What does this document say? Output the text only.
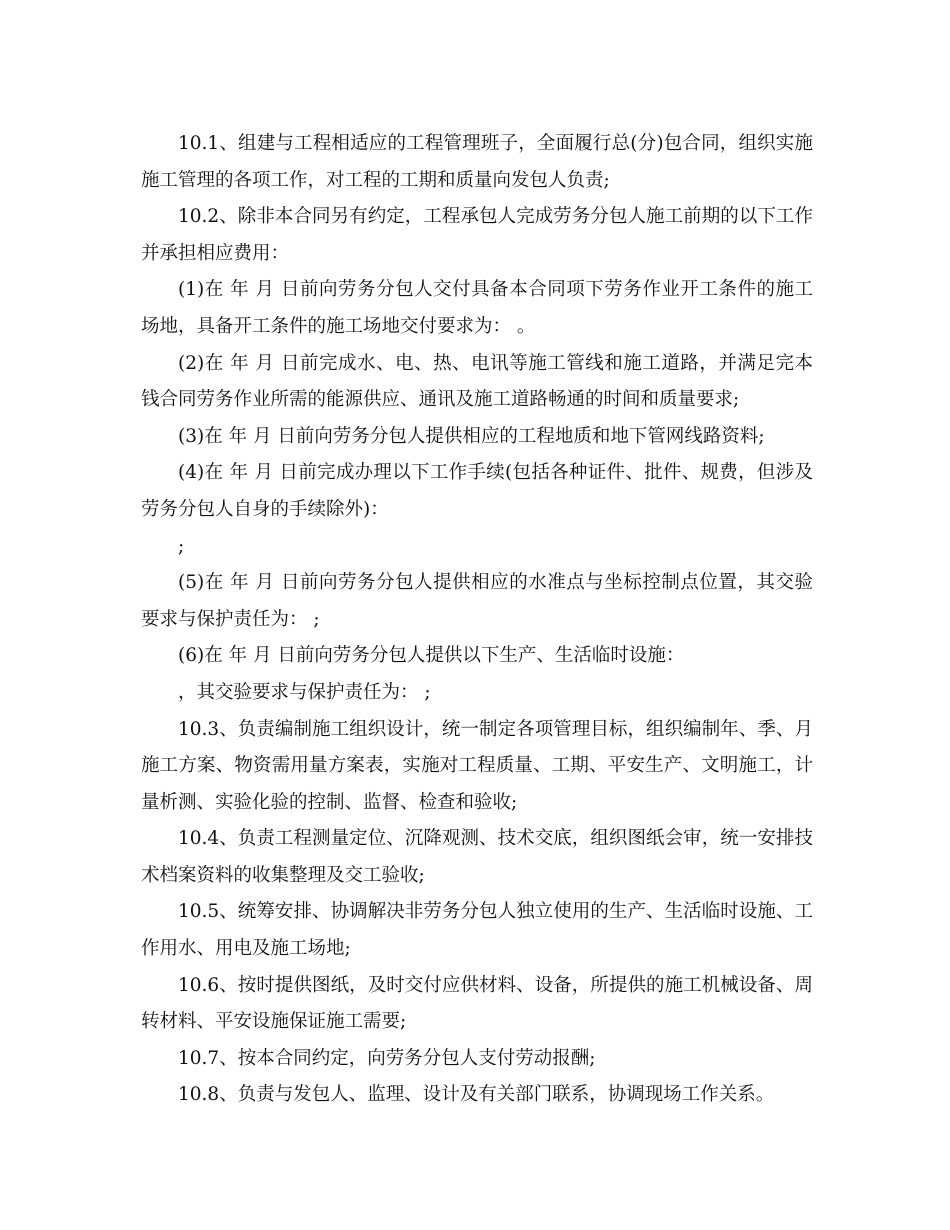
10.1、组建与工程相适应的工程管理班子，全面履行总(分)包合同，组织实施施工管理的各项工作，对工程的工期和质量向发包人负责;

10.2、除非本合同另有约定，工程承包人完成劳务分包人施工前期的以下工作并承担相应费用：

(1)在 年 月 日前向劳务分包人交付具备本合同项下劳务作业开工条件的施工场地，具备开工条件的施工场地交付要求为： 。

(2)在 年 月 日前完成水、电、热、电讯等施工管线和施工道路，并满足完本钱合同劳务作业所需的能源供应、通讯及施工道路畅通的时间和质量要求;

(3)在 年 月 日前向劳务分包人提供相应的工程地质和地下管网线路资料;

(4)在 年 月 日前完成办理以下工作手续(包括各种证件、批件、规费，但涉及劳务分包人自身的手续除外)：

;

(5)在 年 月 日前向劳务分包人提供相应的水准点与坐标控制点位置，其交验要求与保护责任为： ;

(6)在 年 月 日前向劳务分包人提供以下生产、生活临时设施：

，其交验要求与保护责任为： ;

10.3、负责编制施工组织设计，统一制定各项管理目标，组织编制年、季、月施工方案、物资需用量方案表，实施对工程质量、工期、平安生产、文明施工，计量析测、实验化验的控制、监督、检查和验收;

10.4、负责工程测量定位、沉降观测、技术交底，组织图纸会审，统一安排技术档案资料的收集整理及交工验收;

10.5、统筹安排、协调解决非劳务分包人独立使用的生产、生活临时设施、工作用水、用电及施工场地;

10.6、按时提供图纸，及时交付应供材料、设备，所提供的施工机械设备、周转材料、平安设施保证施工需要;

10.7、按本合同约定，向劳务分包人支付劳动报酬;

10.8、负责与发包人、监理、设计及有关部门联系，协调现场工作关系。
